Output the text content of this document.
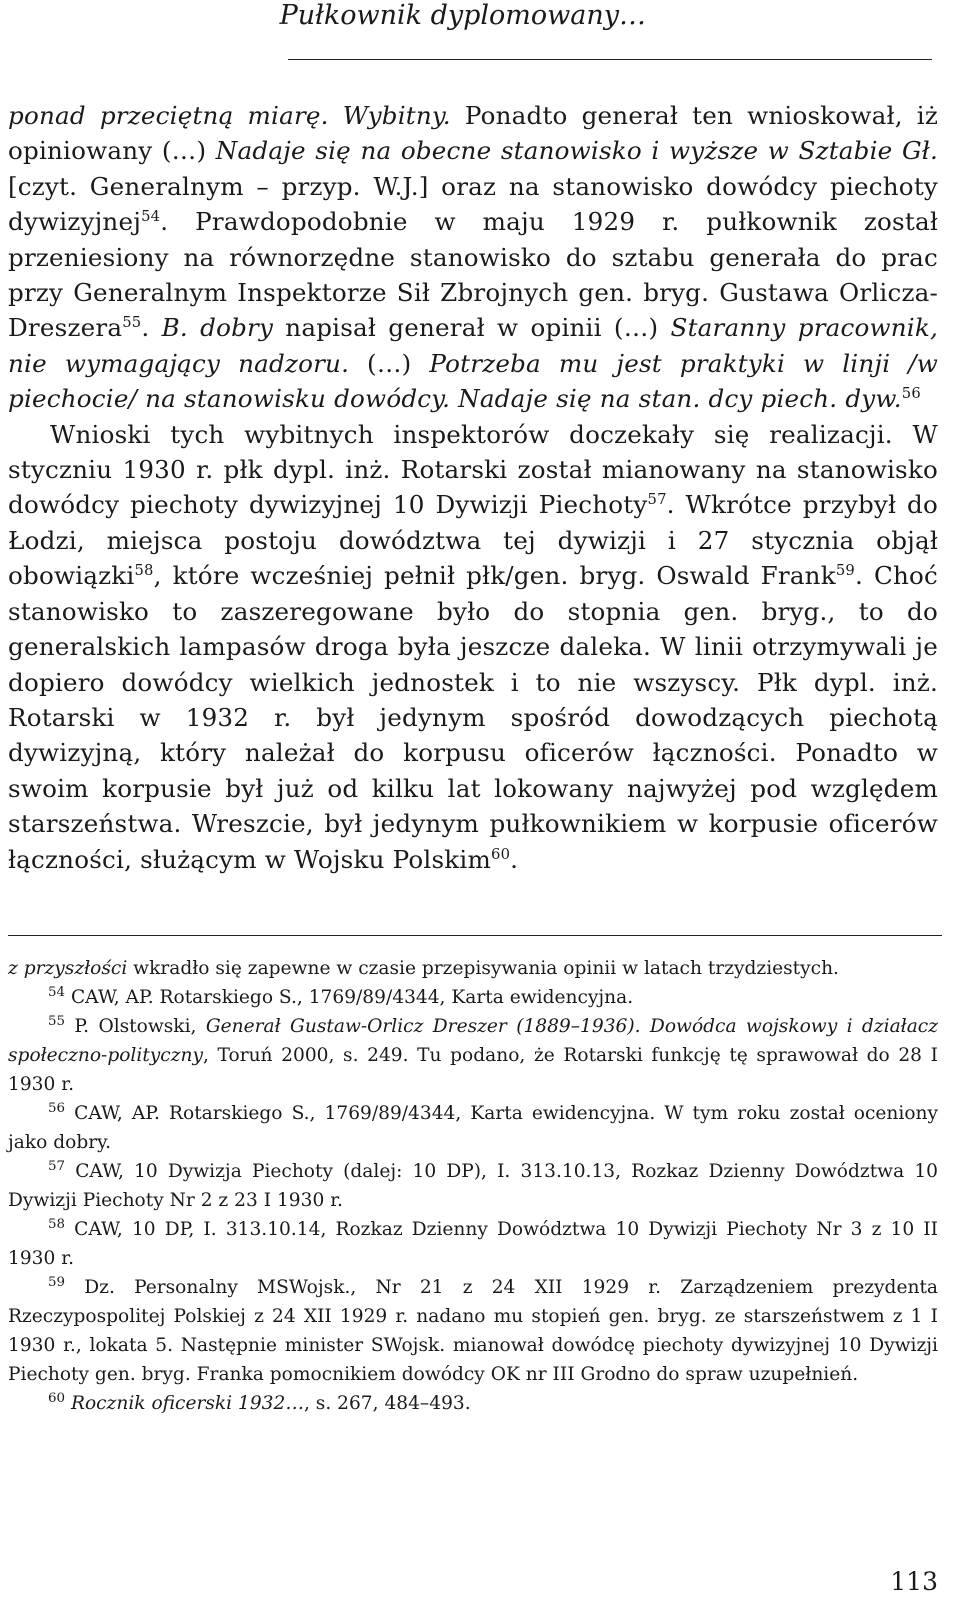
Pułkownik dyplomowany…

ponad przeciętną miarę. Wybitny. Ponadto generał ten wnioskował, iż opiniowany (…) Nadaje się na obecne stanowisko i wyższe w Sztabie Gł. [czyt. Generalnym – przyp. W.J.] oraz na stanowisko dowódcy piechoty dywizyjnej$^{54}$. Prawdopodobnie w maju 1929 r. pułkownik został przeniesiony na równorzędne stanowisko do sztabu generała do prac przy Generalnym Inspektorze Sił Zbrojnych gen. bryg. Gustawa Orlicza-Dreszera$^{55}$. B. dobry napisał generał w opinii (…) Staranny pracownik, nie wymagający nadzoru. (…) Potrzeba mu jest praktyki w linji /w piechocie/ na stanowisku dowódcy. Nadaje się na stan. dcy piech. dyw.$^{56}$

Wnioski tych wybitnych inspektorów doczekały się realizacji. W styczniu 1930 r. płk dypl. inż. Rotarski został mianowany na stanowisko dowódcy piechoty dywizyjnej 10 Dywizji Piechoty$^{57}$. Wkrótce przybył do Łodzi, miejsca postoju dowództwa tej dywizji i 27 stycznia objął obowiązki$^{58}$, które wcześniej pełnił płk/gen. bryg. Oswald Frank$^{59}$. Choć stanowisko to zaszeregowane było do stopnia gen. bryg., to do generalskich lampasów droga była jeszcze daleka. W linii otrzymywali je dopiero dowódcy wielkich jednostek i to nie wszyscy. Płk dypl. inż. Rotarski w 1932 r. był jedynym spośród dowodzących piechotą dywizyjną, który należał do korpusu oficerów łączności. Ponadto w swoim korpusie był już od kilku lat lokowany najwyżej pod względem starszeństwa. Wreszcie, był jedynym pułkownikiem w korpusie oficerów łączności, służącym w Wojsku Polskim$^{60}$.

z przyszłości wkradło się zapewne w czasie przepisywania opinii w latach trzydziestych.

$^{54}$ CAW, AP. Rotarskiego S., 1769/89/4344, Karta ewidencyjna.

$^{55}$ P. Olstowski, Generał Gustaw-Orlicz Dreszer (1889–1936). Dowódca wojskowy i działacz społeczno-polityczny, Toruń 2000, s. 249. Tu podano, że Rotarski funkcję tę sprawował do 28 I 1930 r.

$^{56}$ CAW, AP. Rotarskiego S., 1769/89/4344, Karta ewidencyjna. W tym roku został oceniony jako dobry.

$^{57}$ CAW, 10 Dywizja Piechoty (dalej: 10 DP), I. 313.10.13, Rozkaz Dzienny Dowództwa 10 Dywizji Piechoty Nr 2 z 23 I 1930 r.

$^{58}$ CAW, 10 DP, I. 313.10.14, Rozkaz Dzienny Dowództwa 10 Dywizji Piechoty Nr 3 z 10 II 1930 r.

$^{59}$ Dz. Personalny MSWojsk., Nr 21 z 24 XII 1929 r. Zarządzeniem prezydenta Rzeczypospolitej Polskiej z 24 XII 1929 r. nadano mu stopień gen. bryg. ze starszeństwem z 1 I 1930 r., lokata 5. Następnie minister SWojsk. mianował dowódcę piechoty dywizyjnej 10 Dywizji Piechoty gen. bryg. Franka pomocnikiem dowódcy OK nr III Grodno do spraw uzupełnień.

$^{60}$ Rocznik oficerski 1932…, s. 267, 484–493.

113
